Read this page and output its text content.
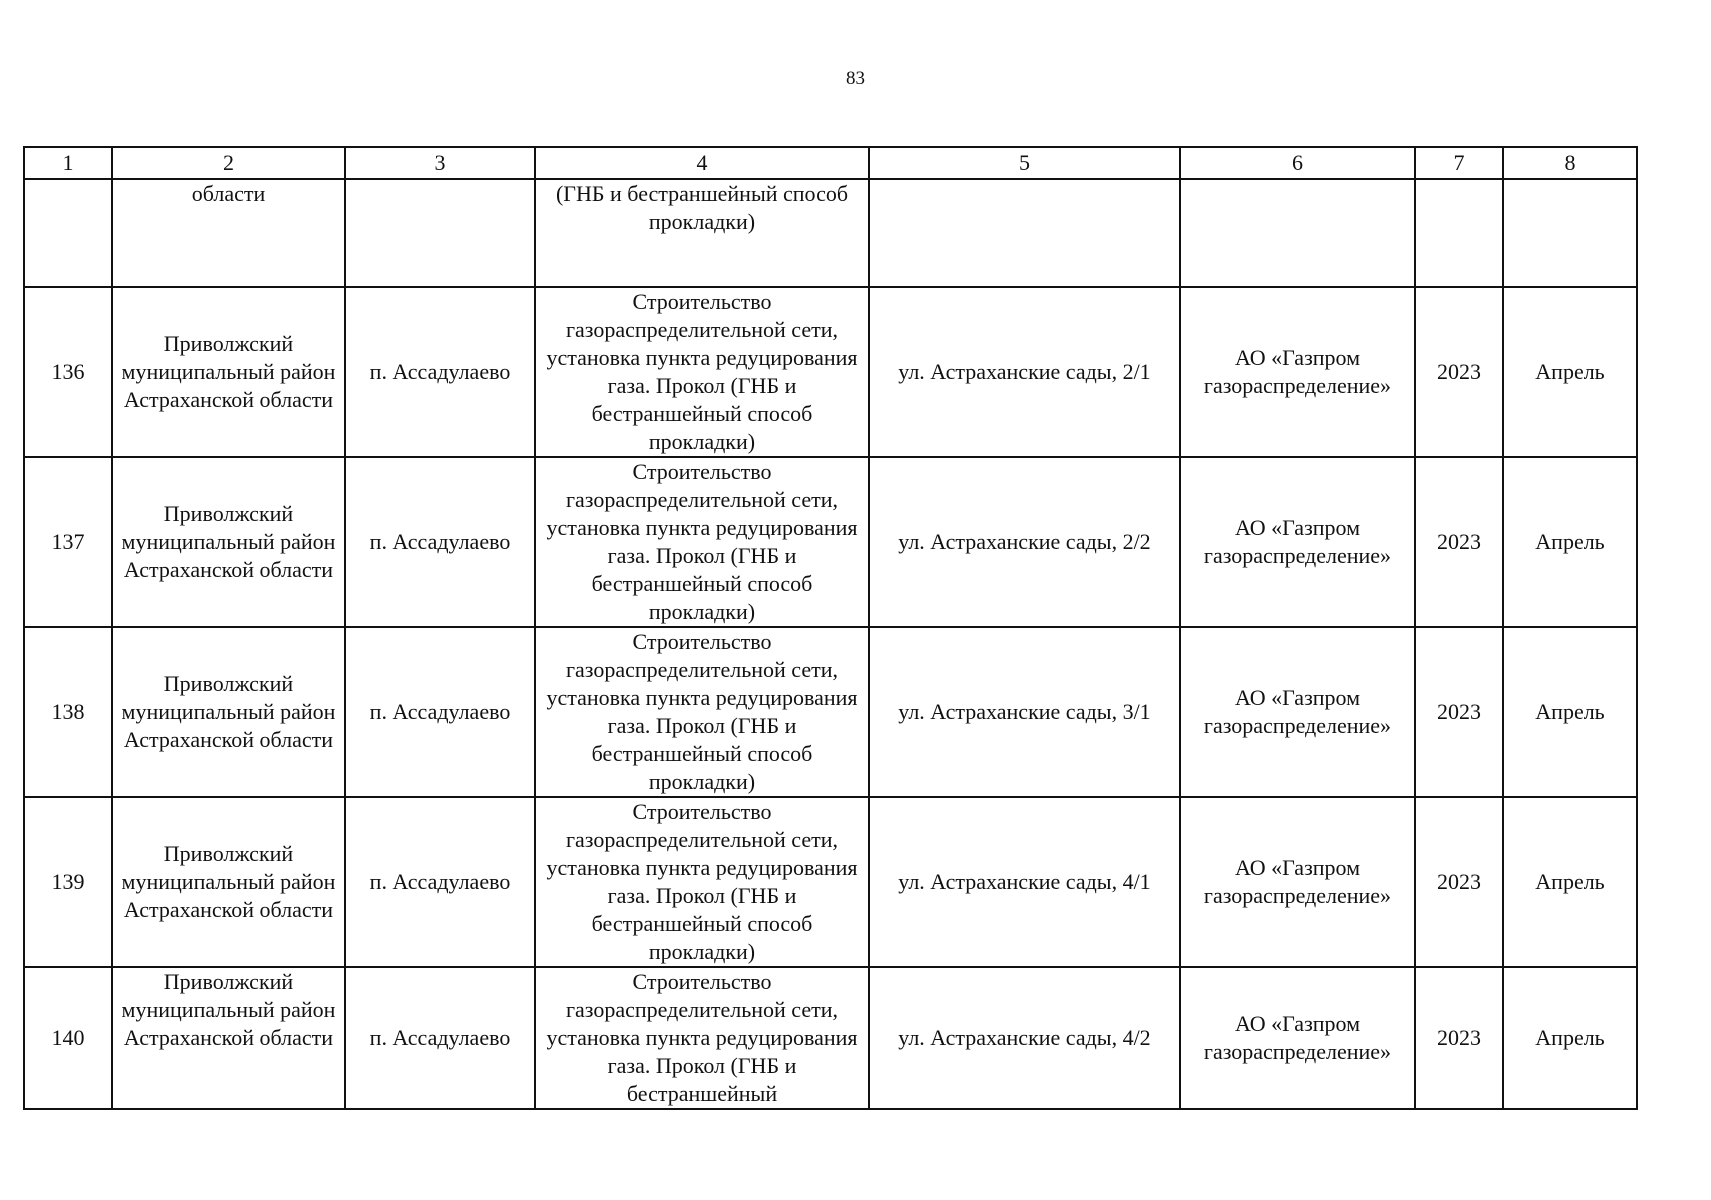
83
1	2	3	4	5	6	7	8
	области		(ГНБ и бестраншейный способ прокладки)				
136	Приволжский муниципальный район Астраханской области	п. Ассадулаево	Строительство газораспределительной сети, установка пункта редуцирования газа. Прокол (ГНБ и бестраншейный способ прокладки)	ул. Астраханские сады, 2/1	АО «Газпром газораспределение»	2023	Апрель
137	Приволжский муниципальный район Астраханской области	п. Ассадулаево	Строительство газораспределительной сети, установка пункта редуцирования газа. Прокол (ГНБ и бестраншейный способ прокладки)	ул. Астраханские сады, 2/2	АО «Газпром газораспределение»	2023	Апрель
138	Приволжский муниципальный район Астраханской области	п. Ассадулаево	Строительство газораспределительной сети, установка пункта редуцирования газа. Прокол (ГНБ и бестраншейный способ прокладки)	ул. Астраханские сады, 3/1	АО «Газпром газораспределение»	2023	Апрель
139	Приволжский муниципальный район Астраханской области	п. Ассадулаево	Строительство газораспределительной сети, установка пункта редуцирования газа. Прокол (ГНБ и бестраншейный способ прокладки)	ул. Астраханские сады, 4/1	АО «Газпром газораспределение»	2023	Апрель
140	Приволжский муниципальный район Астраханской области	п. Ассадулаево	Строительство газораспределительной сети, установка пункта редуцирования газа. Прокол (ГНБ и бестраншейный	ул. Астраханские сады, 4/2	АО «Газпром газораспределение»	2023	Апрель
